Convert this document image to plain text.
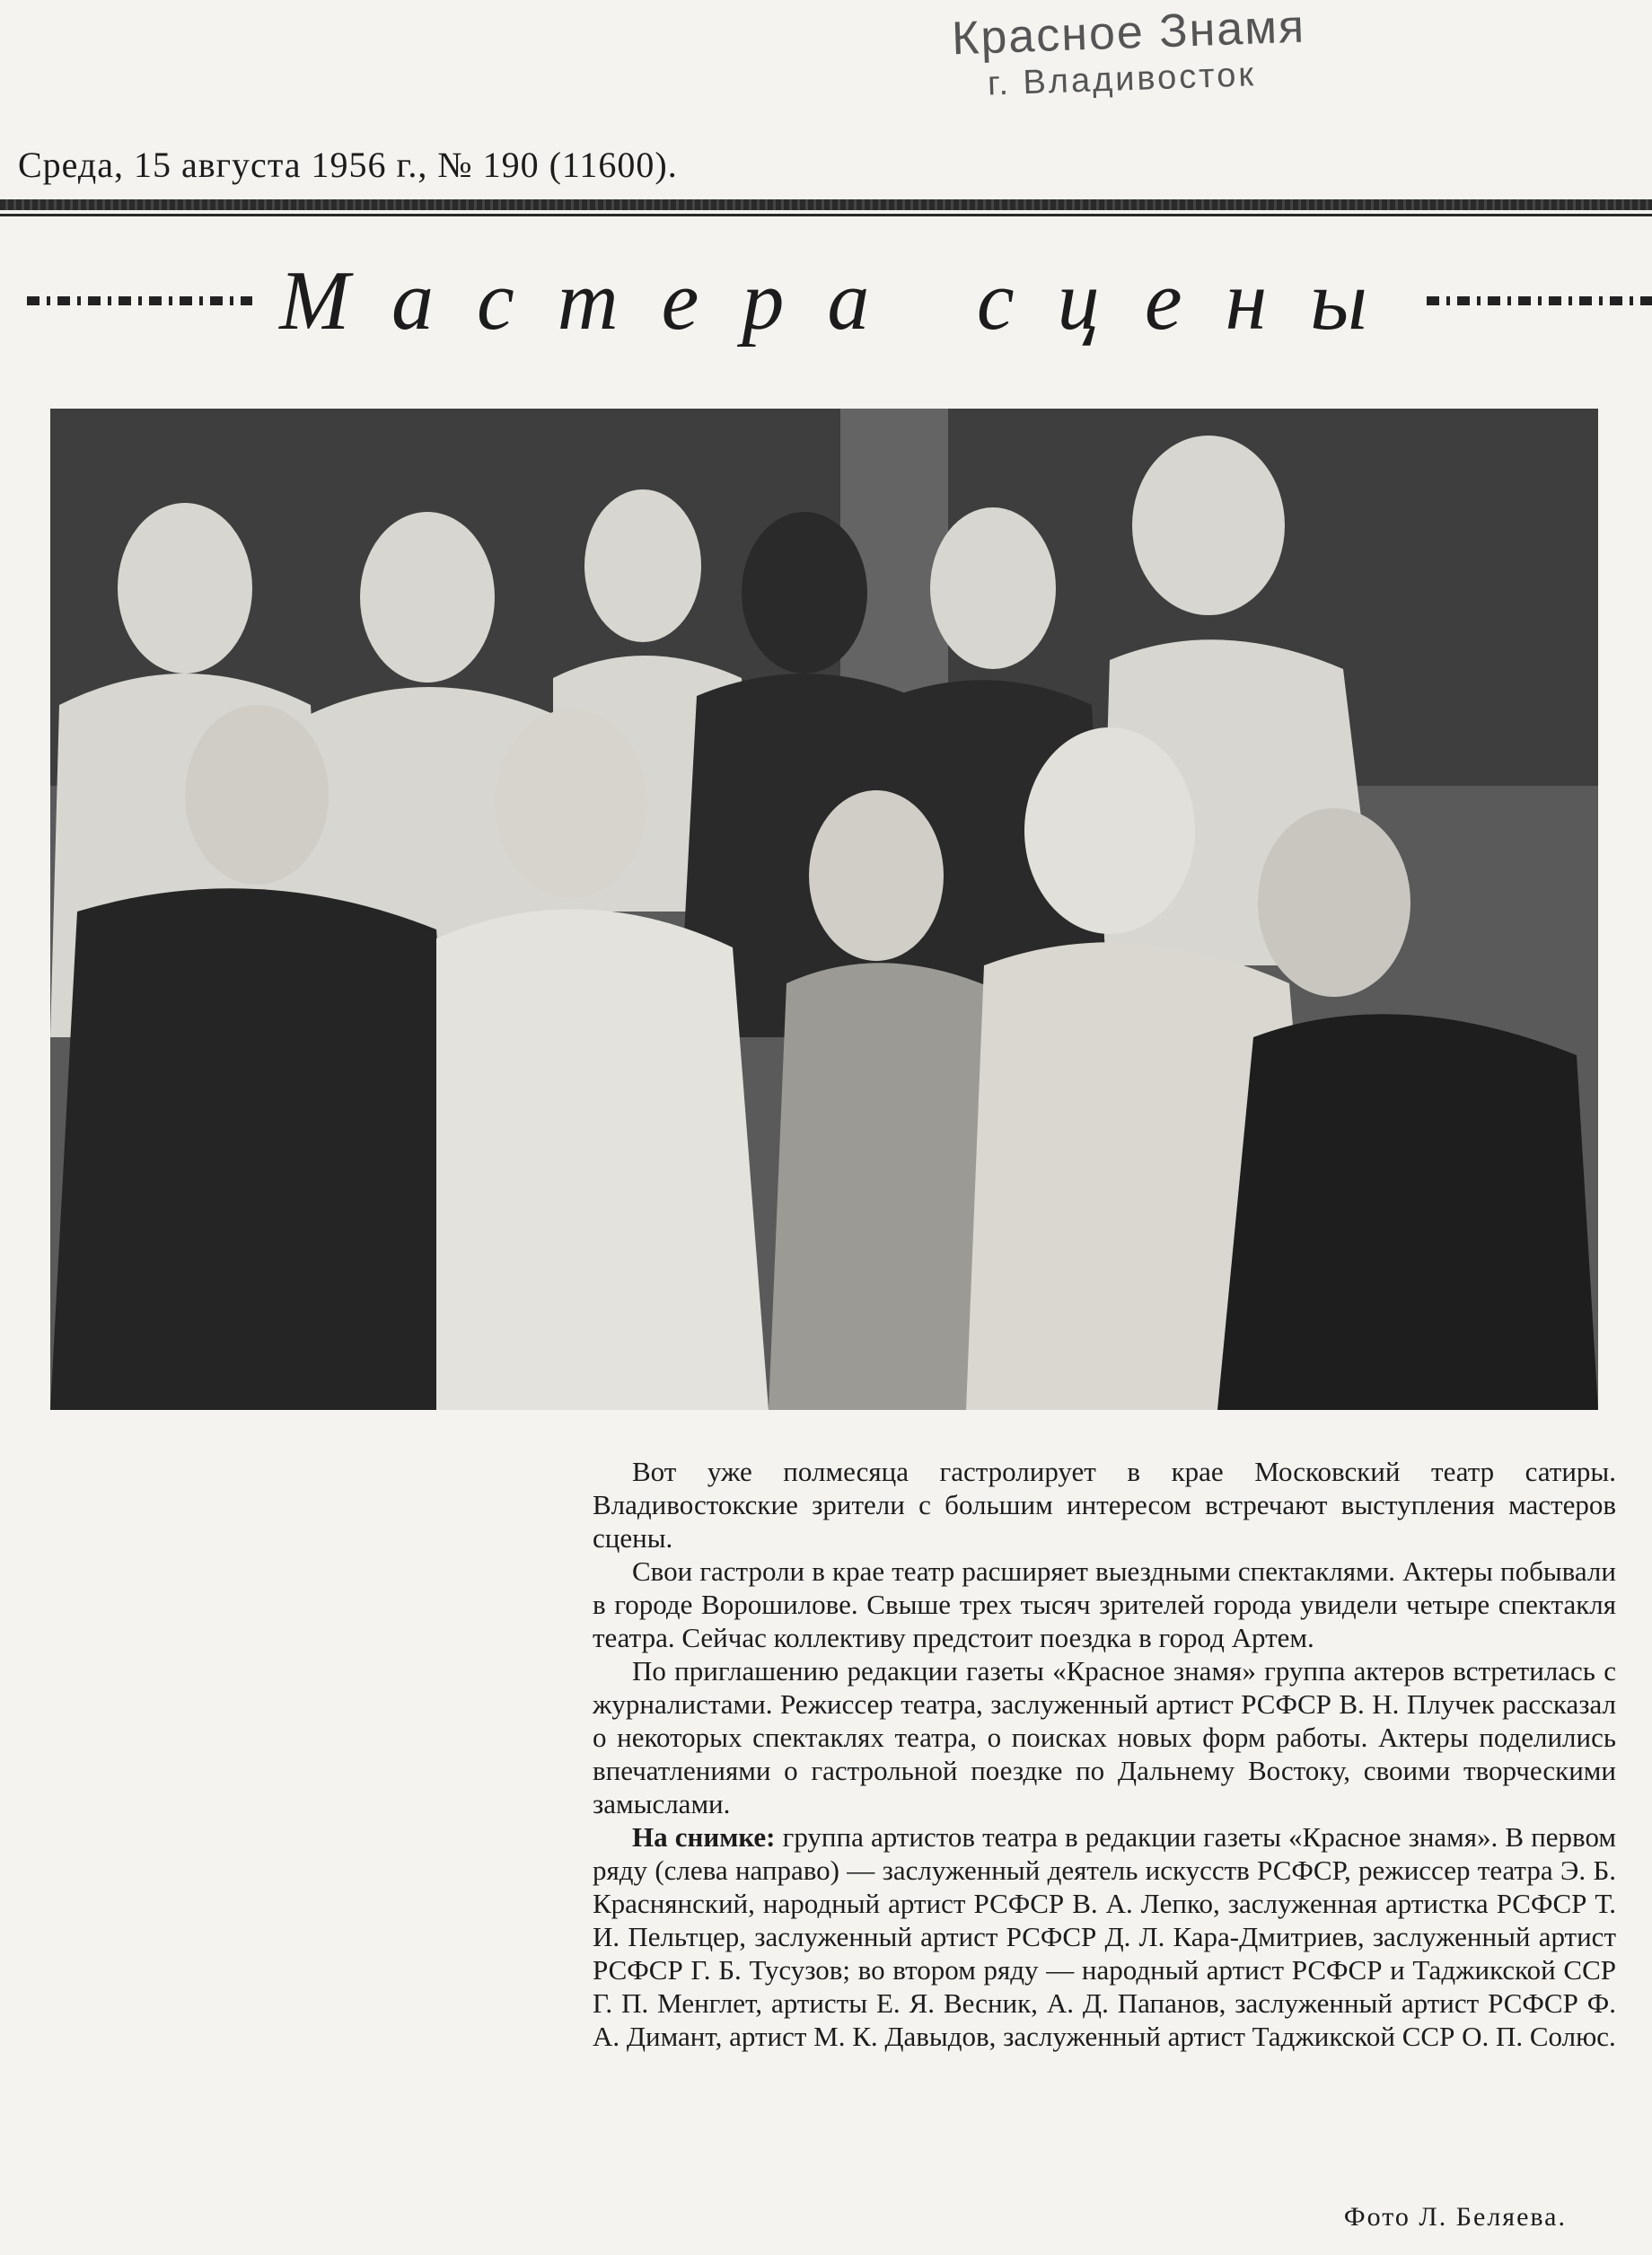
Красное Знамя
г. Владивосток
Среда, 15 августа 1956 г., № 190 (11600).
Мастера сцены

Вот уже полмесяца гастролирует в крае Московский театр сатиры. Владивостокские зрители с большим интересом встречают выступления мастеров сцены.

Свои гастроли в крае театр расширяет выездными спектаклями. Актеры побывали в городе Ворошилове. Свыше трех тысяч зрителей города увидели четыре спектакля театра. Сейчас коллективу предстоит поездка в город Артем.

По приглашению редакции газеты «Красное знамя» группа актеров встретилась с журналистами. Режиссер театра, заслуженный артист РСФСР В. Н. Плучек рассказал о некоторых спектаклях театра, о поисках новых форм работы. Актеры поделились впечатлениями о гастрольной поездке по Дальнему Востоку, своими творческими замыслами.

На снимке: группа артистов театра в редакции газеты «Красное знамя». В первом ряду (слева направо) — заслуженный деятель искусств РСФСР, режиссер театра Э. Б. Краснянский, народный артист РСФСР В. А. Лепко, заслуженная артистка РСФСР Т. И. Пельтцер, заслуженный артист РСФСР Д. Л. Кара-Дмитриев, заслуженный артист РСФСР Г. Б. Тусузов; во втором ряду — народный артист РСФСР и Таджикской ССР Г. П. Менглет, артисты Е. Я. Весник, А. Д. Папанов, заслуженный артист РСФСР Ф. А. Димант, артист М. К. Давыдов, заслуженный артист Таджикской ССР О. П. Солюс.

Фото Л. Беляева.
